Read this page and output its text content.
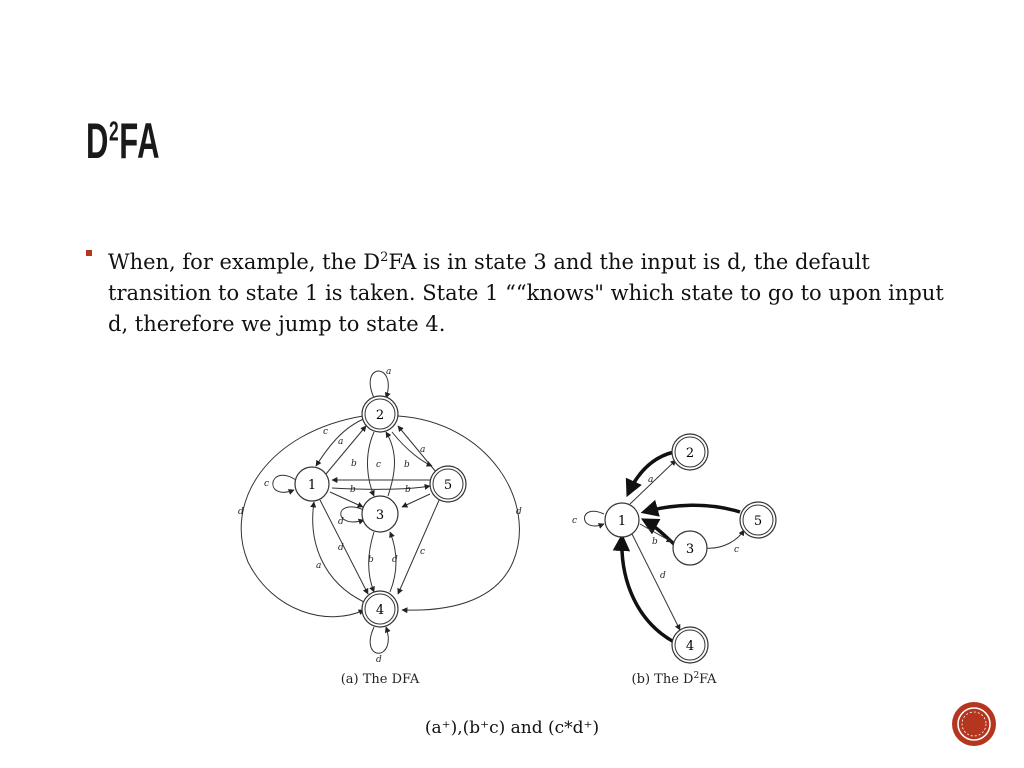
$D^2FA$
When, for example, the $D^2FA$ is in state 3 and the input is d, the default transition to state 1 is taken. State 1 ““knows" which state to go to upon input d, therefore we jump to state 4.
2
1
3
5
4
a
c
a
a
c
b
c
b
b	b
d
d
b d
c
a
d	d
d
(a) The DFA
1
2
3
5
4
c
a
b
d
c
(b) The $D^2FA$
(a⁺),(b⁺c) and (c*d⁺)
